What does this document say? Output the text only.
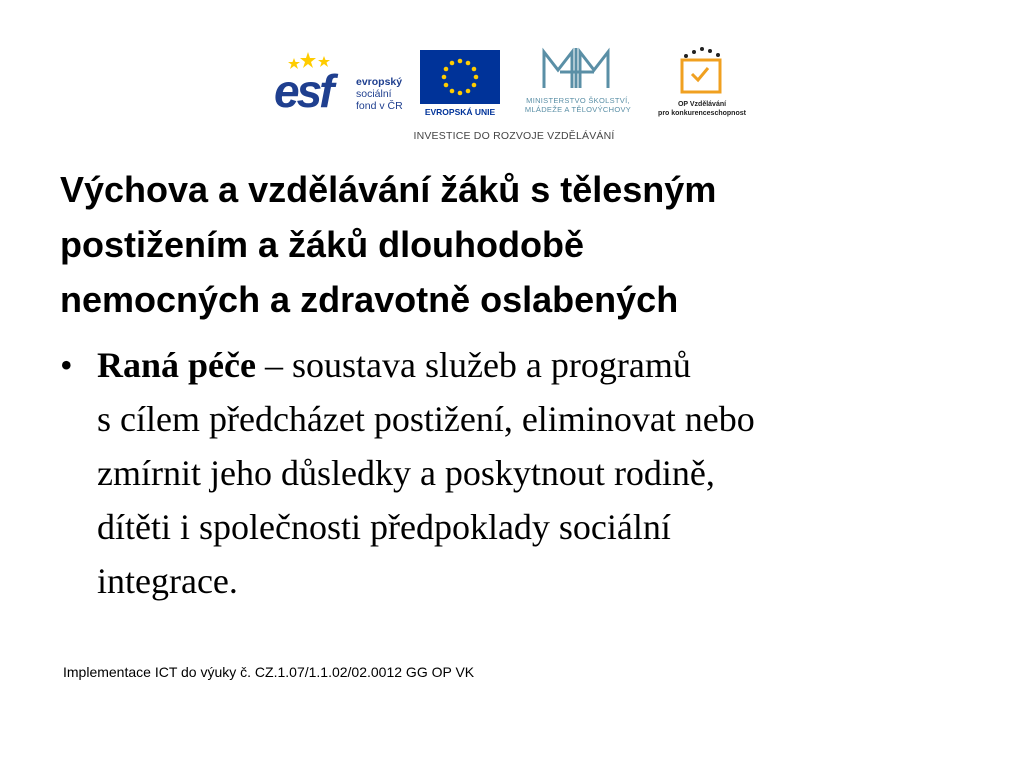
esf evropský
sociální
fond v ČR	EVROPSKÁ UNIE
MINISTERSTVO ŠKOLSTVÍ,
MLÁDEŽE A TĚLOVÝCHOVY
OP Vzdělávání
pro konkurenceschopnost
INVESTICE DO ROZVOJE VZDĚLÁVÁNÍ
Výchova a vzdělávání žáků s tělesným
postižením a žáků dlouhodobě
nemocných a zdravotně oslabených
• Raná péče – soustava služeb a programů
s cílem předcházet postižení, eliminovat nebo
zmírnit jeho důsledky a poskytnout rodině,
dítěti i společnosti předpoklady sociální
integrace.
Implementace ICT do výuky č. CZ.1.07/1.1.02/02.0012 GG OP VK
